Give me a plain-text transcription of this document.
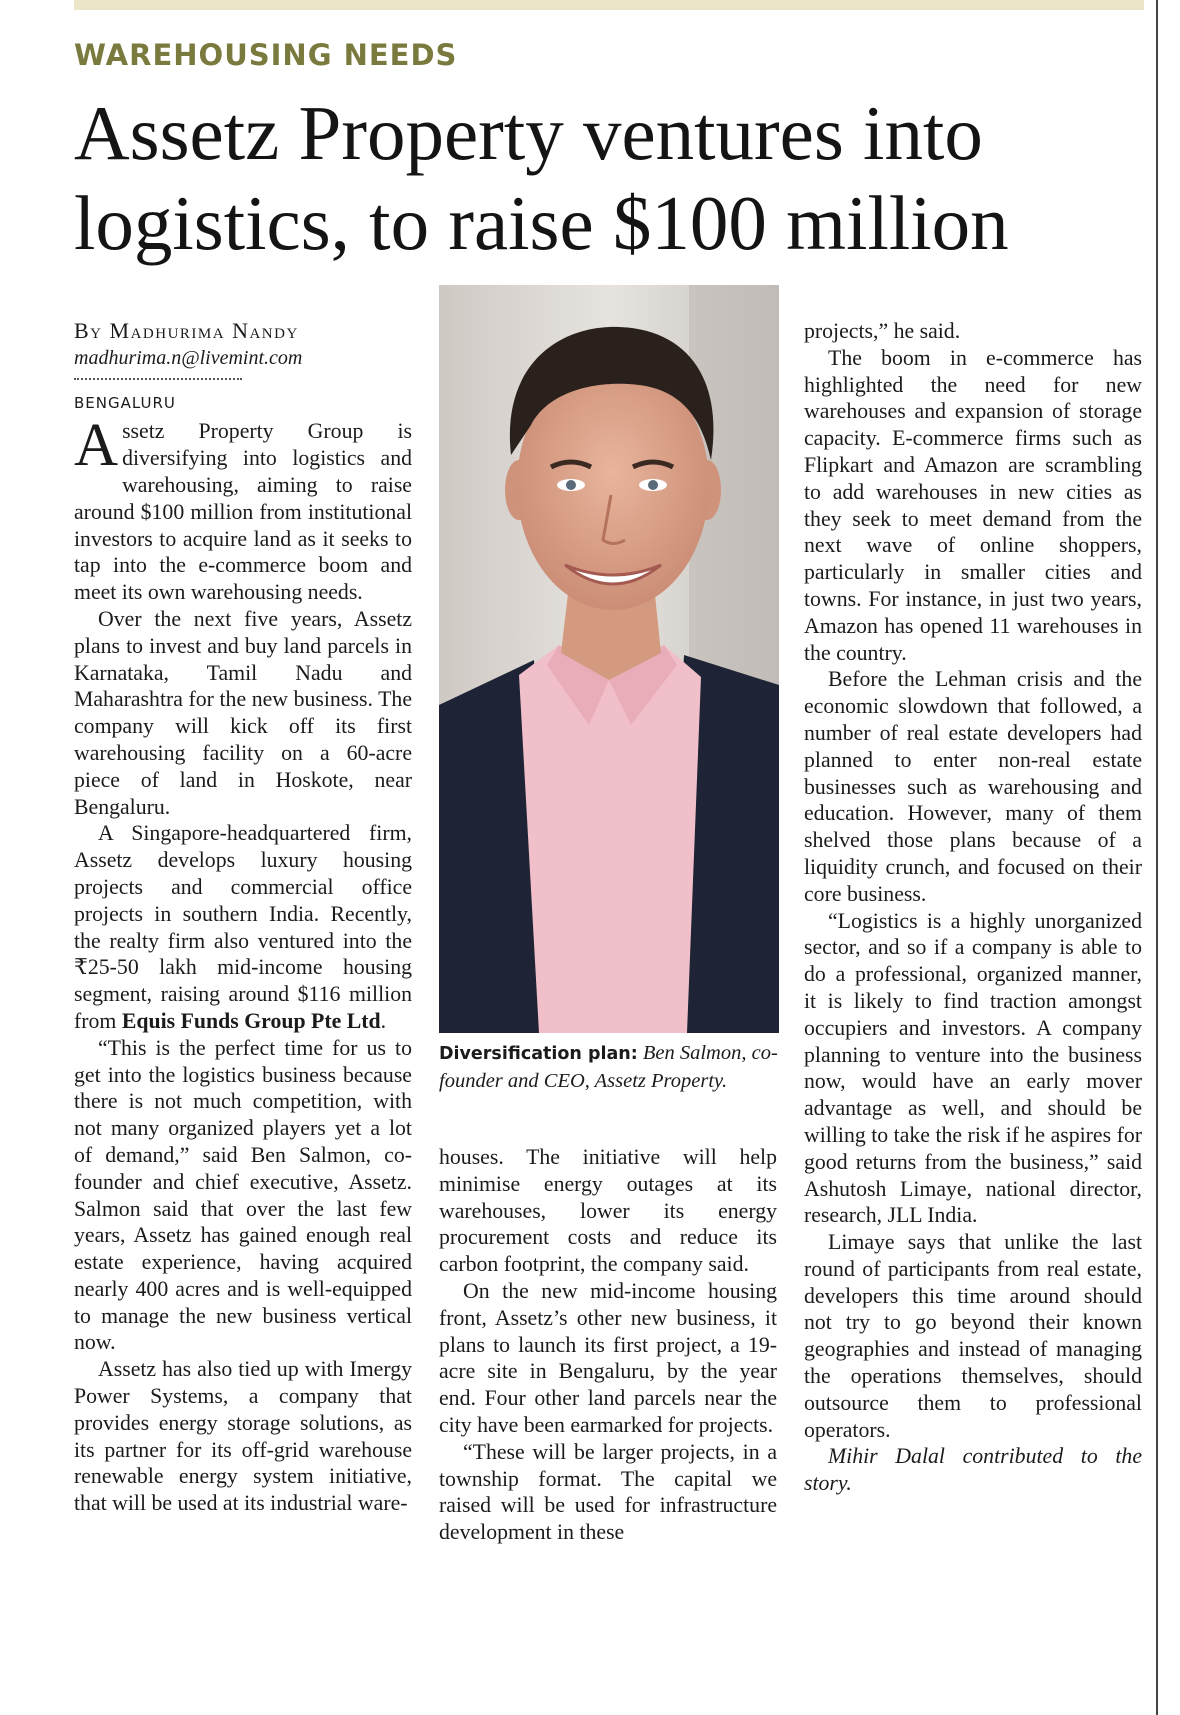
WAREHOUSING NEEDS
Assetz Property ventures into logistics, to raise $100 million
By Madhurima Nandy
madhurima.n@livemint.com
BENGALURU

Assetz Property Group is diversifying into logistics and warehousing, aiming to raise around $100 million from institutional investors to acquire land as it seeks to tap into the e-commerce boom and meet its own warehousing needs.

Over the next five years, Assetz plans to invest and buy land parcels in Karnataka, Tamil Nadu and Maharashtra for the new business. The company will kick off its first warehousing facility on a 60-acre piece of land in Hoskote, near Bengaluru.

A Singapore-headquartered firm, Assetz develops luxury housing projects and commercial office projects in southern India. Recently, the realty firm also ventured into the ₹25-50 lakh mid-income housing segment, raising around $116 million from Equis Funds Group Pte Ltd.

“This is the perfect time for us to get into the logistics business because there is not much competition, with not many organized players yet a lot of demand,” said Ben Salmon, co-founder and chief executive, Assetz. Salmon said that over the last few years, Assetz has gained enough real estate experience, having acquired nearly 400 acres and is well-equipped to manage the new business vertical now.

Assetz has also tied up with Imergy Power Systems, a company that provides energy storage solutions, as its partner for its off-grid warehouse renewable energy system initiative, that will be used at its industrial ware-

Diversification plan: Ben Salmon, co-founder and CEO, Assetz Property.

houses. The initiative will help minimise energy outages at its warehouses, lower its energy procurement costs and reduce its carbon footprint, the company said.

On the new mid-income housing front, Assetz’s other new business, it plans to launch its first project, a 19-acre site in Bengaluru, by the year end. Four other land parcels near the city have been earmarked for projects.

“These will be larger projects, in a township format. The capital we raised will be used for infrastructure development in these

projects,” he said.

The boom in e-commerce has highlighted the need for new warehouses and expansion of storage capacity. E-commerce firms such as Flipkart and Amazon are scrambling to add warehouses in new cities as they seek to meet demand from the next wave of online shoppers, particularly in smaller cities and towns. For instance, in just two years, Amazon has opened 11 warehouses in the country.

Before the Lehman crisis and the economic slowdown that followed, a number of real estate developers had planned to enter non-real estate businesses such as warehousing and education. However, many of them shelved those plans because of a liquidity crunch, and focused on their core business.

“Logistics is a highly unorganized sector, and so if a company is able to do a professional, organized manner, it is likely to find traction amongst occupiers and investors. A company planning to venture into the business now, would have an early mover advantage as well, and should be willing to take the risk if he aspires for good returns from the business,” said Ashutosh Limaye, national director, research, JLL India.

Limaye says that unlike the last round of participants from real estate, developers this time around should not try to go beyond their known geographies and instead of managing the operations themselves, should outsource them to professional operators.

Mihir Dalal contributed to the story.
